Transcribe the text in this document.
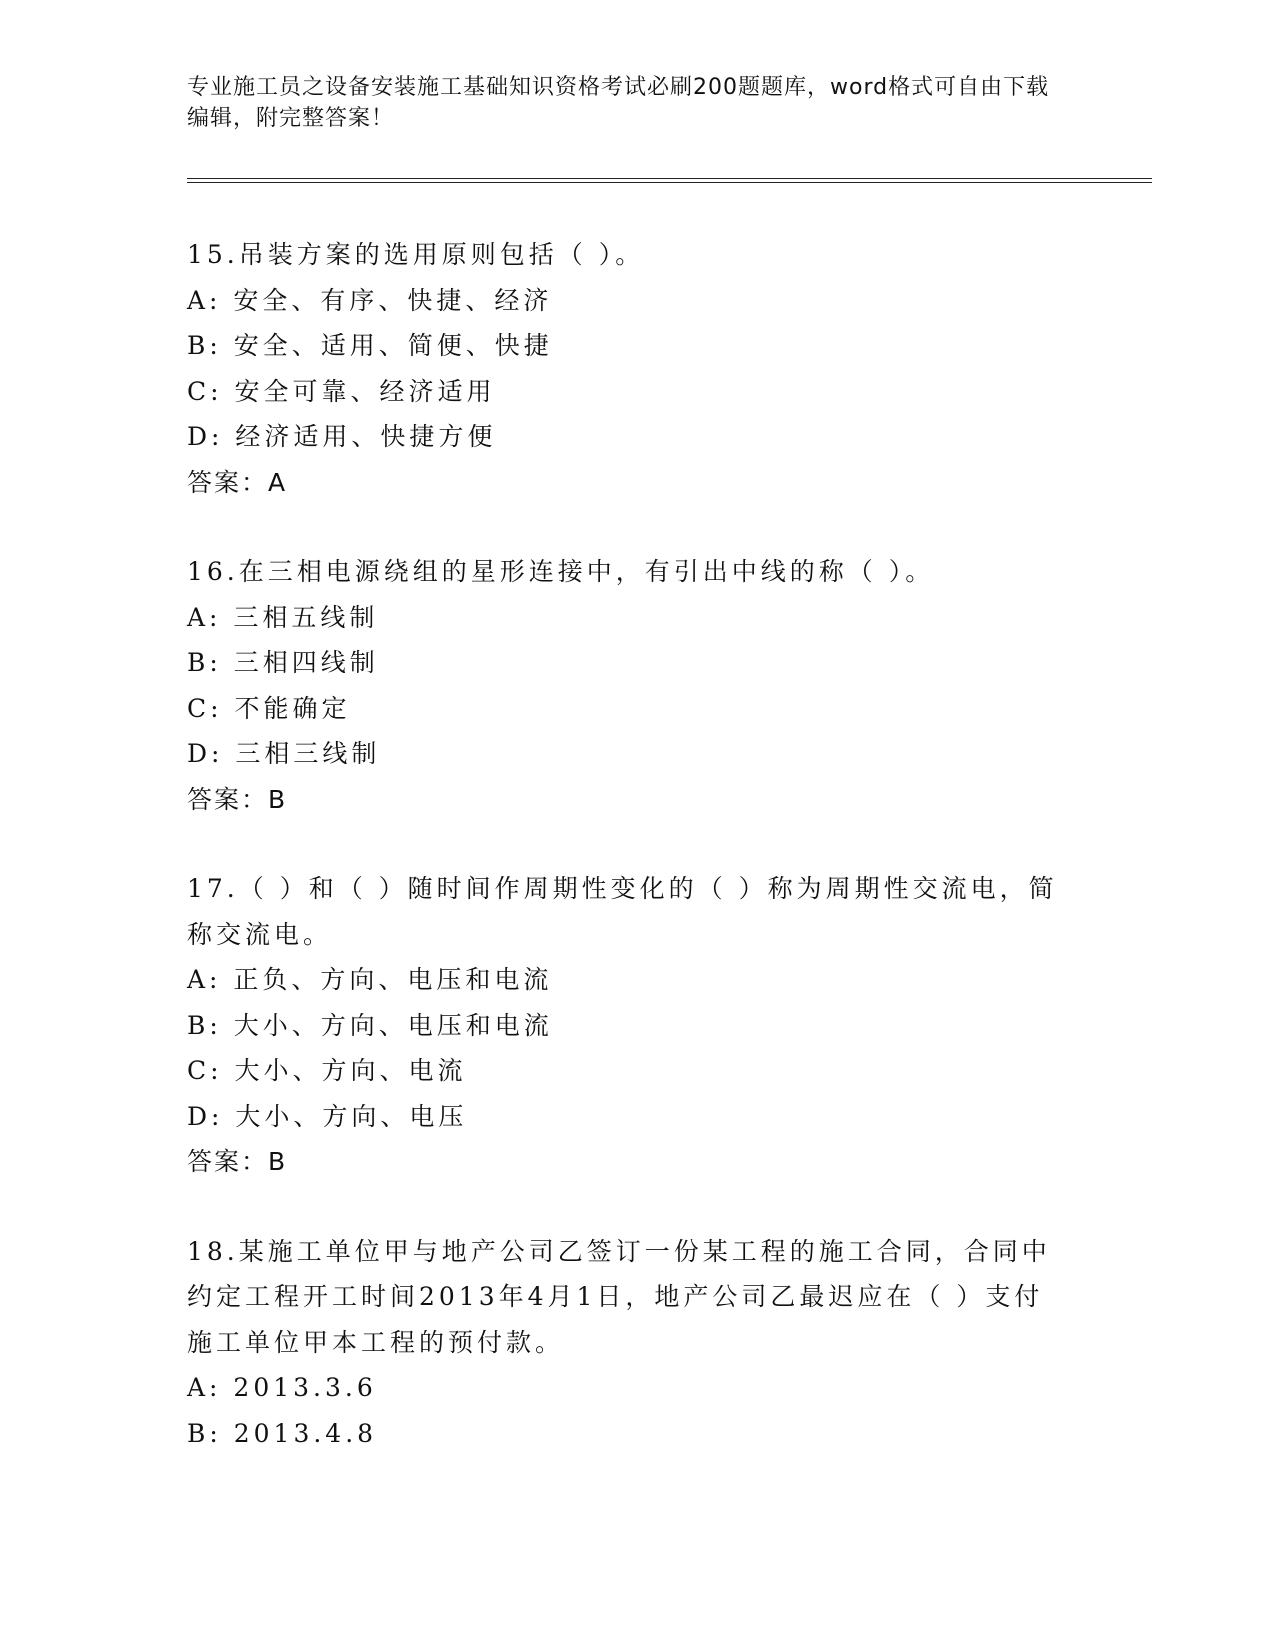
专业施工员之设备安装施工基础知识资格考试必刷200题题库，word格式可自由下载编辑，附完整答案！
15.吊装方案的选用原则包括（ ）。
A: 安全、有序、快捷、经济
B: 安全、适用、简便、快捷
C: 安全可靠、经济适用
D: 经济适用、快捷方便
答案：A
16.在三相电源绕组的星形连接中，有引出中线的称（ ）。
A: 三相五线制
B: 三相四线制
C: 不能确定
D: 三相三线制
答案：B
17.（ ）和（ ）随时间作周期性变化的（ ）称为周期性交流电，简称交流电。
A: 正负、方向、电压和电流
B: 大小、方向、电压和电流
C: 大小、方向、电流
D: 大小、方向、电压
答案：B
18.某施工单位甲与地产公司乙签订一份某工程的施工合同，合同中约定工程开工时间2013年4月1日，地产公司乙最迟应在（ ）支付施工单位甲本工程的预付款。
A: 2013.3.6
B: 2013.4.8
